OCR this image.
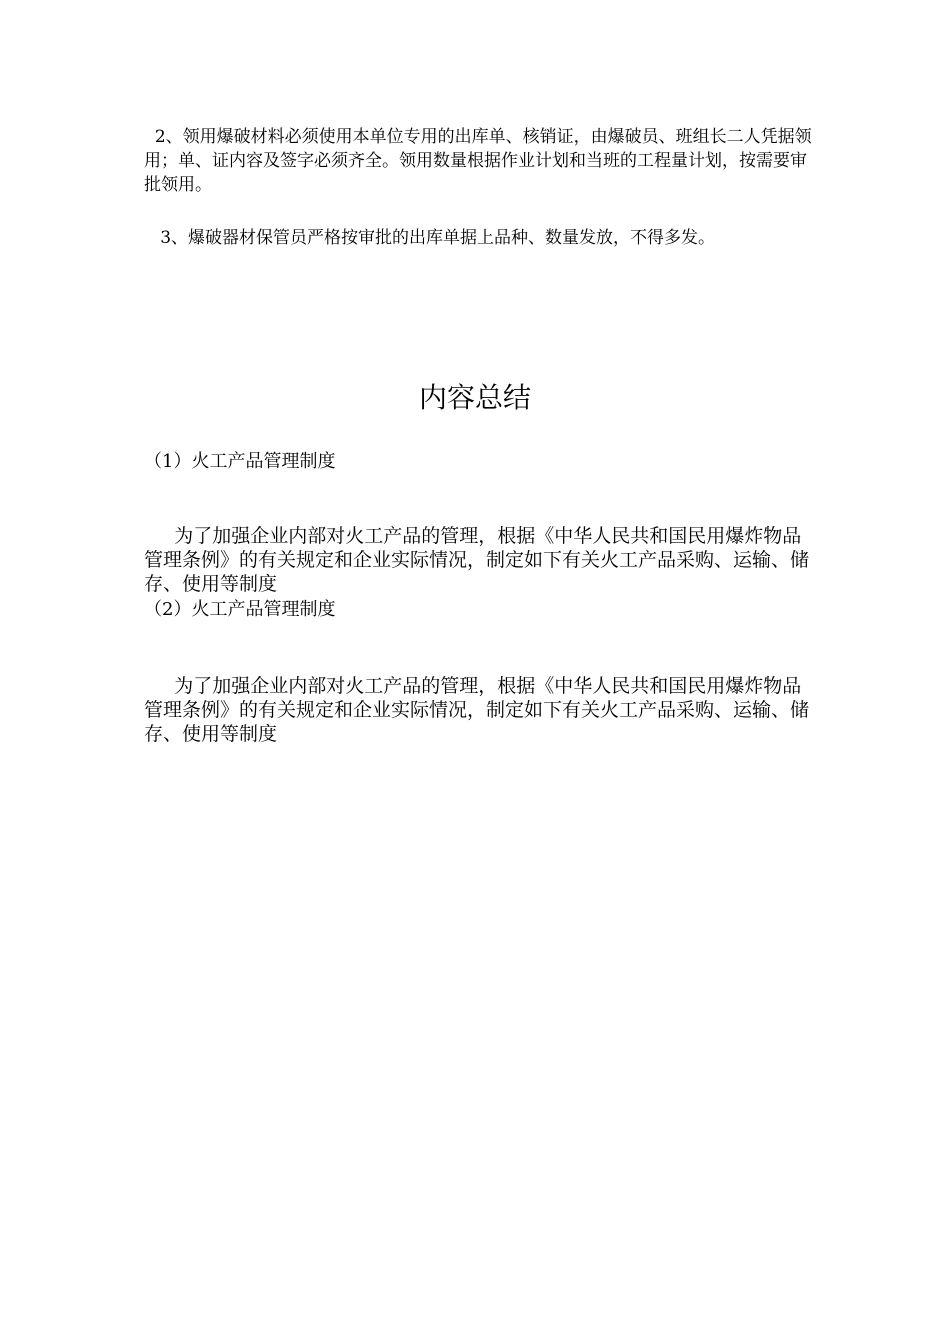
2、领用爆破材料必须使用本单位专用的出库单、核销证，由爆破员、班组长二人凭据领用；单、证内容及签字必须齐全。领用数量根据作业计划和当班的工程量计划，按需要审批领用。

3、爆破器材保管员严格按审批的出库单据上品种、数量发放，不得多发。

内容总结

（1）火工产品管理制度

为了加强企业内部对火工产品的管理，根据《中华人民共和国民用爆炸物品管理条例》的有关规定和企业实际情况，制定如下有关火工产品采购、运输、储存、使用等制度

（2）火工产品管理制度

为了加强企业内部对火工产品的管理，根据《中华人民共和国民用爆炸物品管理条例》的有关规定和企业实际情况，制定如下有关火工产品采购、运输、储存、使用等制度
